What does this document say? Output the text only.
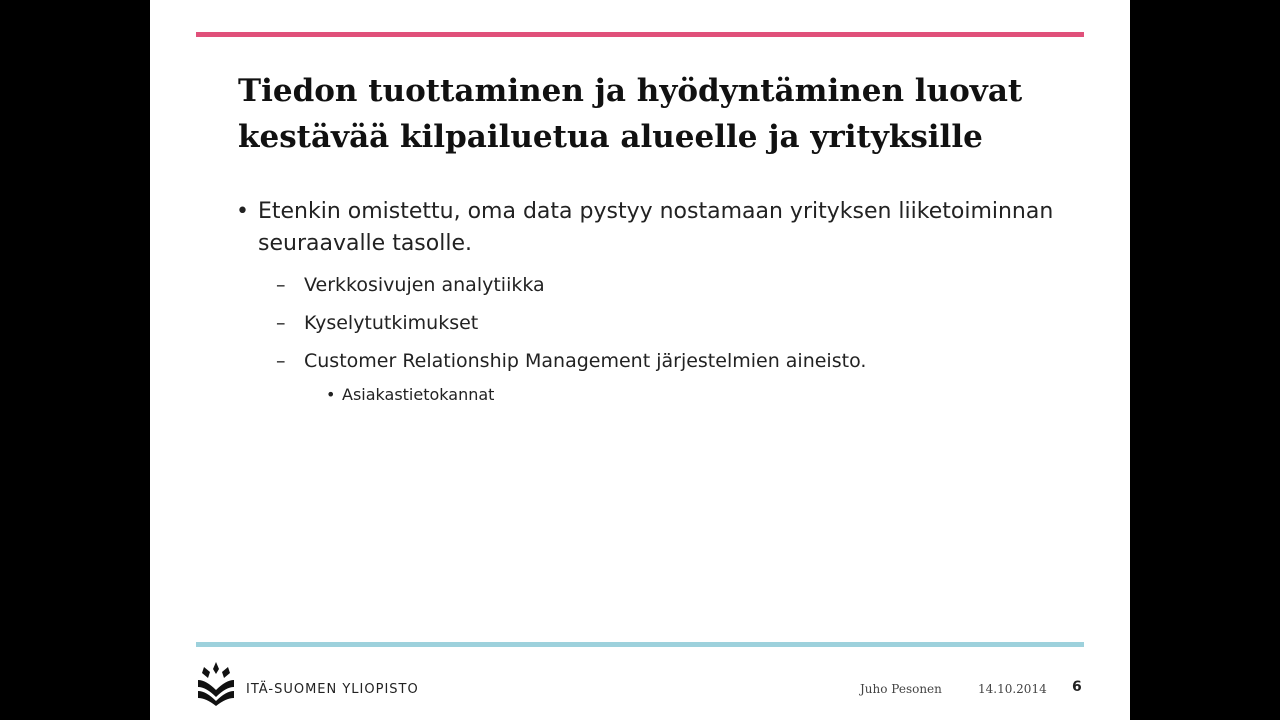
Tiedon tuottaminen ja hyödyntäminen luovat kestävää kilpailuetua alueelle ja yrityksille
• Etenkin omistettu, oma data pystyy nostamaan yrityksen liiketoiminnan seuraavalle tasolle.
– Verkkosivujen analytiikka
– Kyselytutkimukset
– Customer Relationship Management järjestelmien aineisto.
• Asiakastietokannat
ITÄ-SUOMEN YLIOPISTO	Juho Pesonen	14.10.2014 6
